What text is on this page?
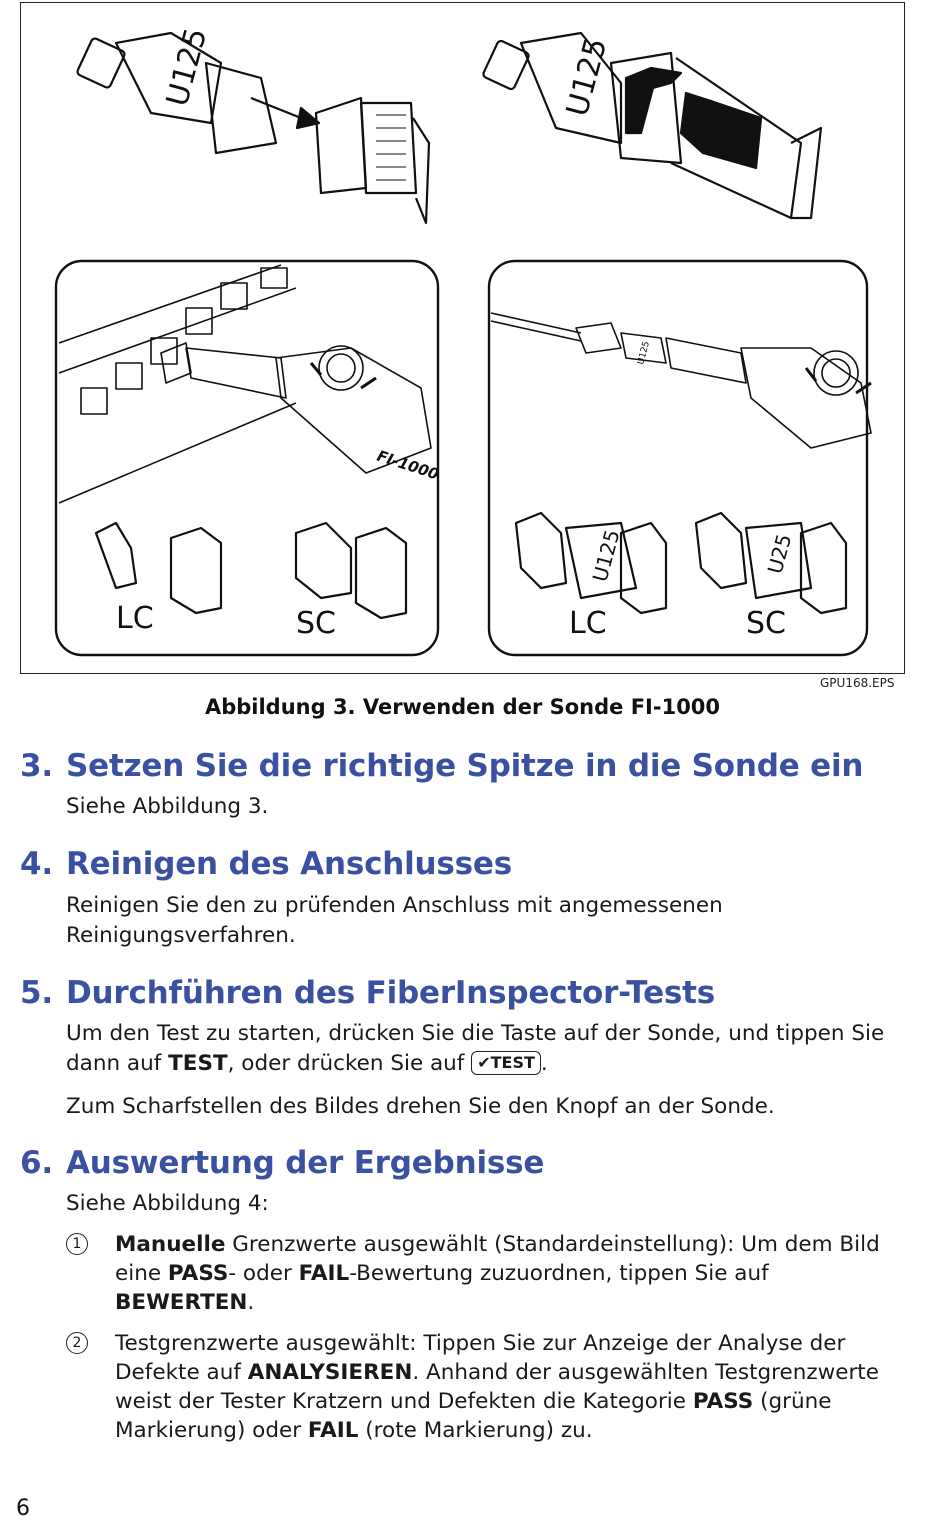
U125	U125
FI-1000
LC	SC
U125
U125	U25
LC	SC
GPU168.EPS
Abbildung 3. Verwenden der Sonde FI-1000
3. Setzen Sie die richtige Spitze in die Sonde ein
Siehe Abbildung 3.
4. Reinigen des Anschlusses
Reinigen Sie den zu prüfenden Anschluss mit angemessenen
Reinigungsverfahren.
5. Durchführen des FiberInspector-Tests
Um den Test zu starten, drücken Sie die Taste auf der Sonde, und tippen Sie
dann auf TEST, oder drücken Sie auf ✔TEST .
Zum Scharfstellen des Bildes drehen Sie den Knopf an der Sonde.
6. Auswertung der Ergebnisse
Siehe Abbildung 4:
1	Manuelle Grenzwerte ausgewählt (Standardeinstellung): Um dem Bild
eine PASS- oder FAIL-Bewertung zuzuordnen, tippen Sie auf
BEWERTEN.
2	Testgrenzwerte ausgewählt: Tippen Sie zur Anzeige der Analyse der
Defekte auf ANALYSIEREN. Anhand der ausgewählten Testgrenzwerte
weist der Tester Kratzern und Defekten die Kategorie PASS (grüne
Markierung) oder FAIL (rote Markierung) zu.
6
